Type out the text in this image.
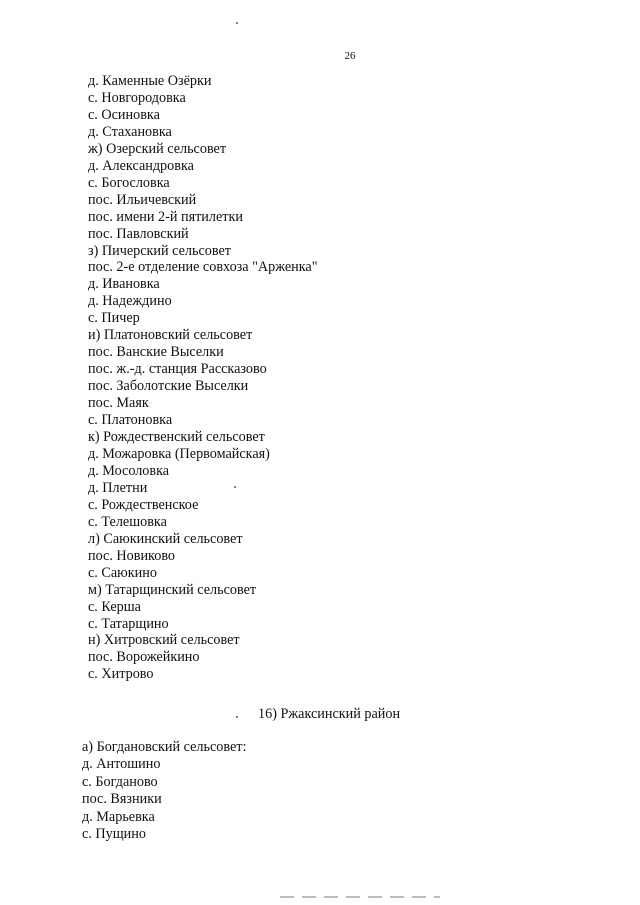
26
д. Каменные Озёрки
с. Новгородовка
с. Осиновка
д. Стахановка
ж) Озерский сельсовет
д. Александровка
с. Богословка
пос. Ильичевский
пос. имени 2-й пятилетки
пос. Павловский
з) Пичерский сельсовет
пос. 2-е отделение совхоза "Арженка"
д. Ивановка
д. Надеждино
с. Пичер
и) Платоновский сельсовет
пос. Ванские Выселки
пос. ж.-д. станция Рассказово
пос. Заболотские Выселки
пос. Маяк
с. Платоновка
к) Рождественский сельсовет
д. Можаровка (Первомайская)
д. Мосоловка
д. Плетни
с. Рождественское
с. Телешовка
л) Саюкинский сельсовет
пос. Новиково
с. Саюкино
м) Татарщинский сельсовет
с. Керша
с. Татарщино
н) Хитровский сельсовет
пос. Ворожейкино
с. Хитрово
16) Ржаксинский район
а) Богдановский сельсовет:
д. Антошино
с. Богданово
пос. Вязники
д. Марьевка
с. Пущино
